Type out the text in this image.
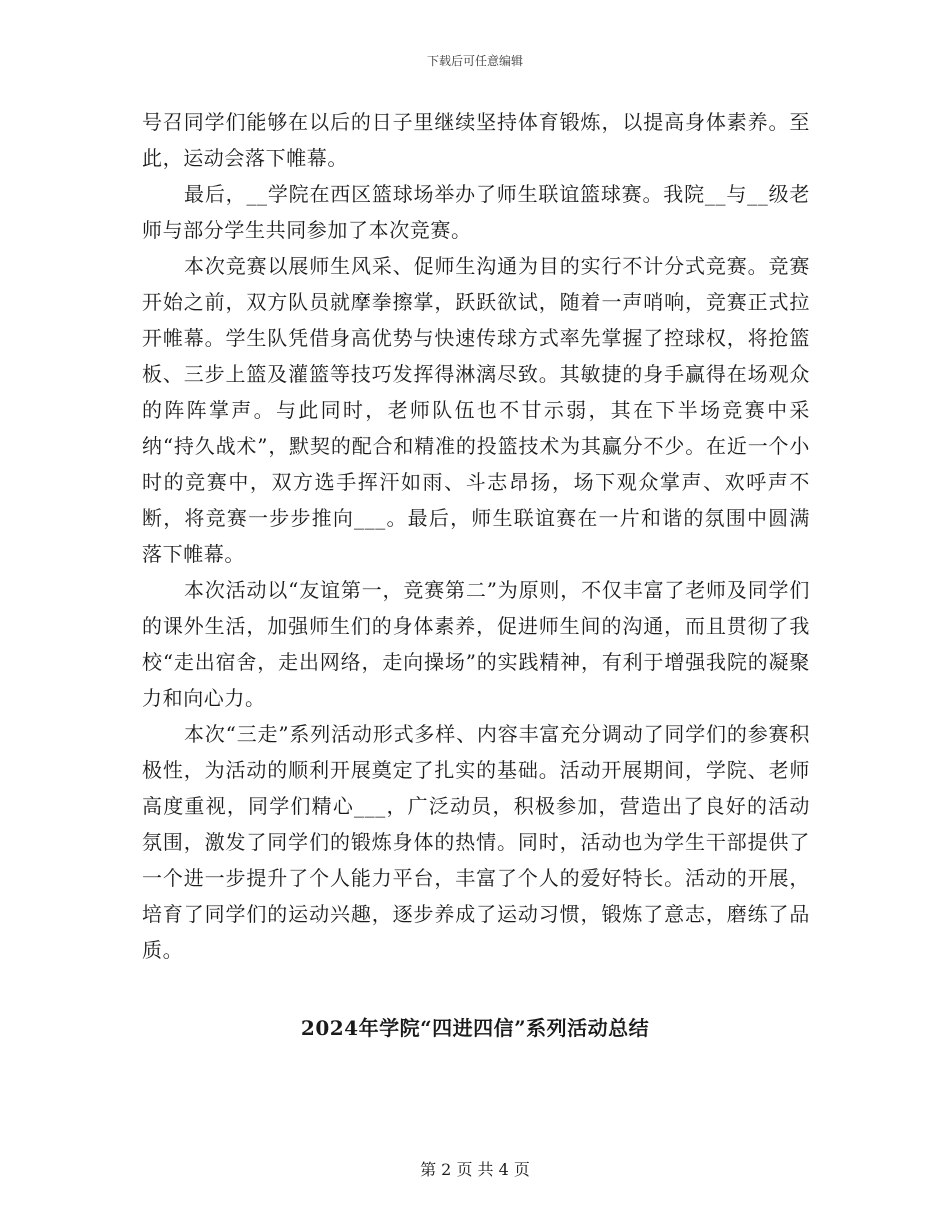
下载后可任意编辑

号召同学们能够在以后的日子里继续坚持体育锻炼，以提高身体素养。至此，运动会落下帷幕。

最后，__学院在西区篮球场举办了师生联谊篮球赛。我院__与__级老师与部分学生共同参加了本次竞赛。

本次竞赛以展师生风采、促师生沟通为目的实行不计分式竞赛。竞赛开始之前，双方队员就摩拳擦掌，跃跃欲试，随着一声哨响，竞赛正式拉开帷幕。学生队凭借身高优势与快速传球方式率先掌握了控球权，将抢篮板、三步上篮及灌篮等技巧发挥得淋漓尽致。其敏捷的身手赢得在场观众的阵阵掌声。与此同时，老师队伍也不甘示弱，其在下半场竞赛中采纳“持久战术”，默契的配合和精准的投篮技术为其赢分不少。在近一个小时的竞赛中，双方选手挥汗如雨、斗志昂扬，场下观众掌声、欢呼声不断，将竞赛一步步推向___。最后，师生联谊赛在一片和谐的氛围中圆满落下帷幕。

本次活动以“友谊第一，竞赛第二”为原则，不仅丰富了老师及同学们的课外生活，加强师生们的身体素养，促进师生间的沟通，而且贯彻了我校“走出宿舍，走出网络，走向操场”的实践精神，有利于增强我院的凝聚力和向心力。

本次“三走”系列活动形式多样、内容丰富充分调动了同学们的参赛积极性，为活动的顺利开展奠定了扎实的基础。活动开展期间，学院、老师高度重视，同学们精心___，广泛动员，积极参加，营造出了良好的活动氛围，激发了同学们的锻炼身体的热情。同时，活动也为学生干部提供了一个进一步提升了个人能力平台，丰富了个人的爱好特长。活动的开展，培育了同学们的运动兴趣，逐步养成了运动习惯，锻炼了意志，磨练了品质。

2024年学院“四进四信”系列活动总结
第 2 页 共 4 页
